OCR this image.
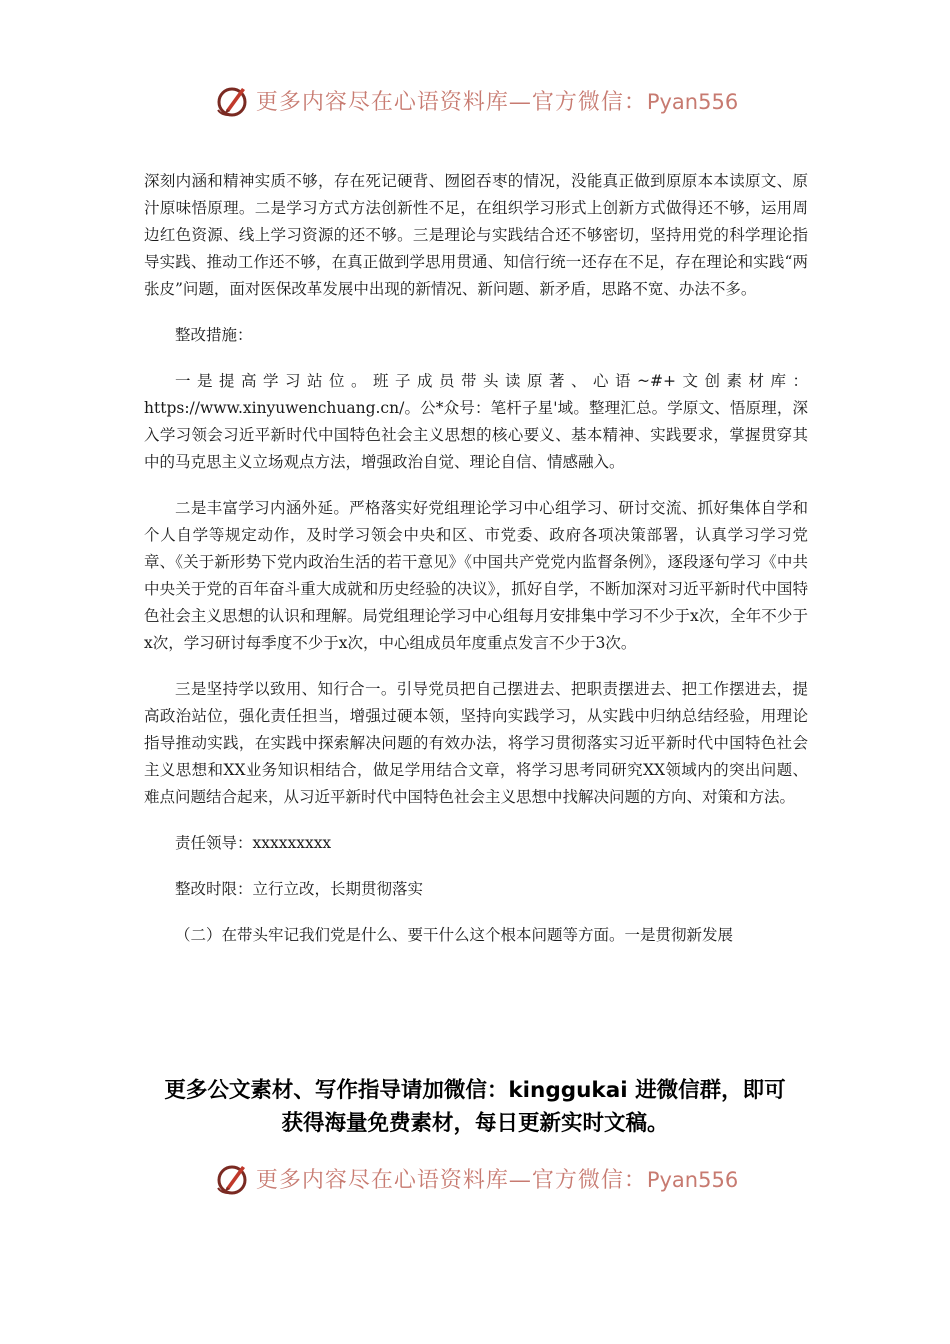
更多内容尽在心语资料库—官方微信：Pyan556

深刻内涵和精神实质不够，存在死记硬背、囫囵吞枣的情况，没能真正做到原原本本读原文、原汁原味悟原理。二是学习方式方法创新性不足，在组织学习形式上创新方式做得还不够，运用周边红色资源、线上学习资源的还不够。三是理论与实践结合还不够密切，坚持用党的科学理论指导实践、推动工作还不够，在真正做到学思用贯通、知信行统一还存在不足，存在理论和实践“两张皮”问题，面对医保改革发展中出现的新情况、新问题、新矛盾，思路不宽、办法不多。

整改措施：

一是提高学习站位。班子成员带头读原著、心语~#+文创素材库：https://www.xinyuwenchuang.cn/。公*众号：笔杆子星'域。整理汇总。学原文、悟原理，深入学习领会习近平新时代中国特色社会主义思想的核心要义、基本精神、实践要求，掌握贯穿其中的马克思主义立场观点方法，增强政治自觉、理论自信、情感融入。

二是丰富学习内涵外延。严格落实好党组理论学习中心组学习、研讨交流、抓好集体自学和个人自学等规定动作，及时学习领会中央和区、市党委、政府各项决策部署，认真学习学习党章、《关于新形势下党内政治生活的若干意见》《中国共产党党内监督条例》，逐段逐句学习《中共中央关于党的百年奋斗重大成就和历史经验的决议》，抓好自学，不断加深对习近平新时代中国特色社会主义思想的认识和理解。局党组理论学习中心组每月安排集中学习不少于x次，全年不少于x次，学习研讨每季度不少于x次，中心组成员年度重点发言不少于3次。

三是坚持学以致用、知行合一。引导党员把自己摆进去、把职责摆进去、把工作摆进去，提高政治站位，强化责任担当，增强过硬本领，坚持向实践学习，从实践中归纳总结经验，用理论指导推动实践，在实践中探索解决问题的有效办法，将学习贯彻落实习近平新时代中国特色社会主义思想和XX业务知识相结合，做足学用结合文章，将学习思考同研究XX领域内的突出问题、难点问题结合起来，从习近平新时代中国特色社会主义思想中找解决问题的方向、对策和方法。

责任领导：xxxxxxxxx

整改时限：立行立改，长期贯彻落实

（二）在带头牢记我们党是什么、要干什么这个根本问题等方面。一是贯彻新发展

更多公文素材、写作指导请加微信：kinggukai 进微信群，即可
获得海量免费素材，每日更新实时文稿。
更多内容尽在心语资料库—官方微信：Pyan556
